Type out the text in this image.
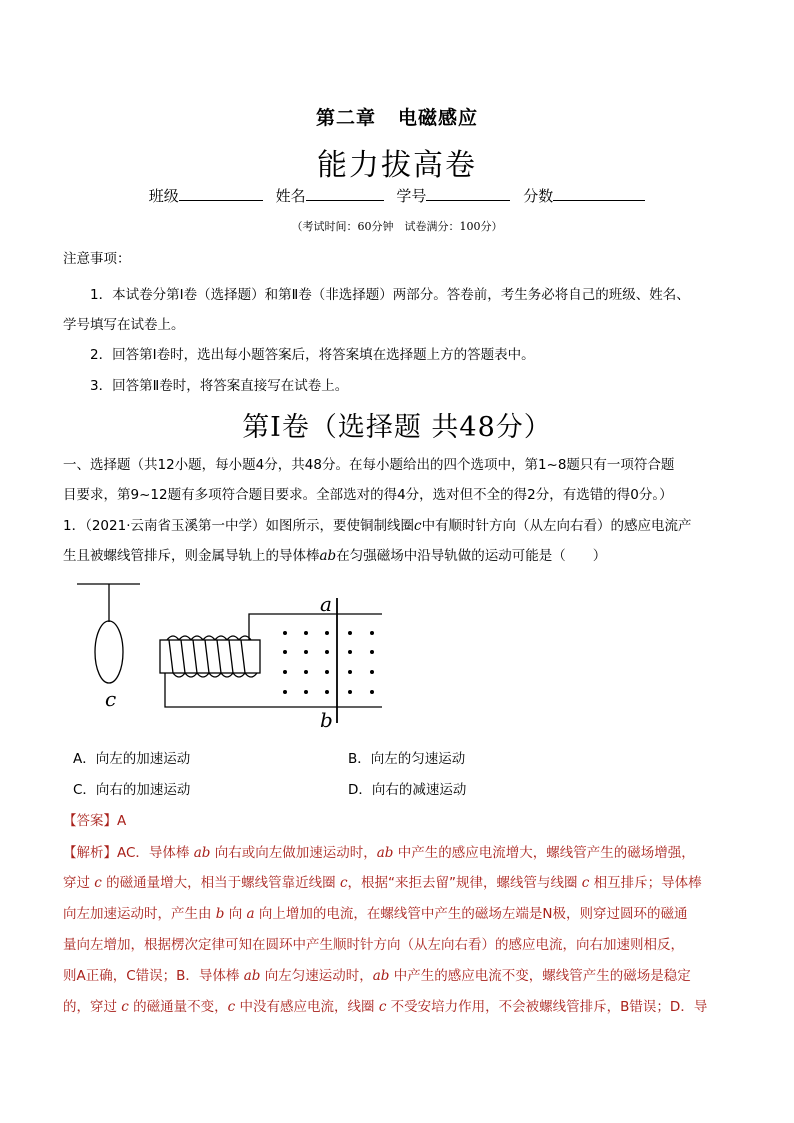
第二章 电磁感应
能力拔高卷
班级	姓名	学号	分数
（考试时间：60分钟　试卷满分：100分）
注意事项：
1．本试卷分第Ⅰ卷（选择题）和第Ⅱ卷（非选择题）两部分。答卷前，考生务必将自己的班级、姓名、
学号填写在试卷上。
2．回答第Ⅰ卷时，选出每小题答案后，将答案填在选择题上方的答题表中。
3．回答第Ⅱ卷时，将答案直接写在试卷上。
第Ⅰ卷（选择题 共48分）
一、选择题（共12小题，每小题4分，共48分。在每小题给出的四个选项中，第1~8题只有一项符合题
目要求，第9~12题有多项符合题目要求。全部选对的得4分，选对但不全的得2分，有选错的得0分。）
1．（2021·云南省玉溪第一中学）如图所示，要使铜制线圈c中有顺时针方向（从左向右看）的感应电流产
生且被螺线管排斥，则金属导轨上的导体棒ab在匀强磁场中沿导轨做的运动可能是（　　）
a
b
c
A．向左的加速运动	B．向左的匀速运动
C．向右的加速运动	D．向右的减速运动
【答案】A
【解析】AC．导体棒 ab 向右或向左做加速运动时，ab 中产生的感应电流增大，螺线管产生的磁场增强，
穿过 c 的磁通量增大，相当于螺线管靠近线圈 c，根据“来拒去留”规律，螺线管与线圈 c 相互排斥；导体棒
向左加速运动时，产生由 b 向 a 向上增加的电流，在螺线管中产生的磁场左端是N极，则穿过圆环的磁通
量向左增加，根据楞次定律可知在圆环中产生顺时针方向（从左向右看）的感应电流，向右加速则相反，
则A正确，C错误；B．导体棒 ab 向左匀速运动时，ab 中产生的感应电流不变，螺线管产生的磁场是稳定
的，穿过 c 的磁通量不变，c 中没有感应电流，线圈 c 不受安培力作用，不会被螺线管排斥，B错误；D．导
